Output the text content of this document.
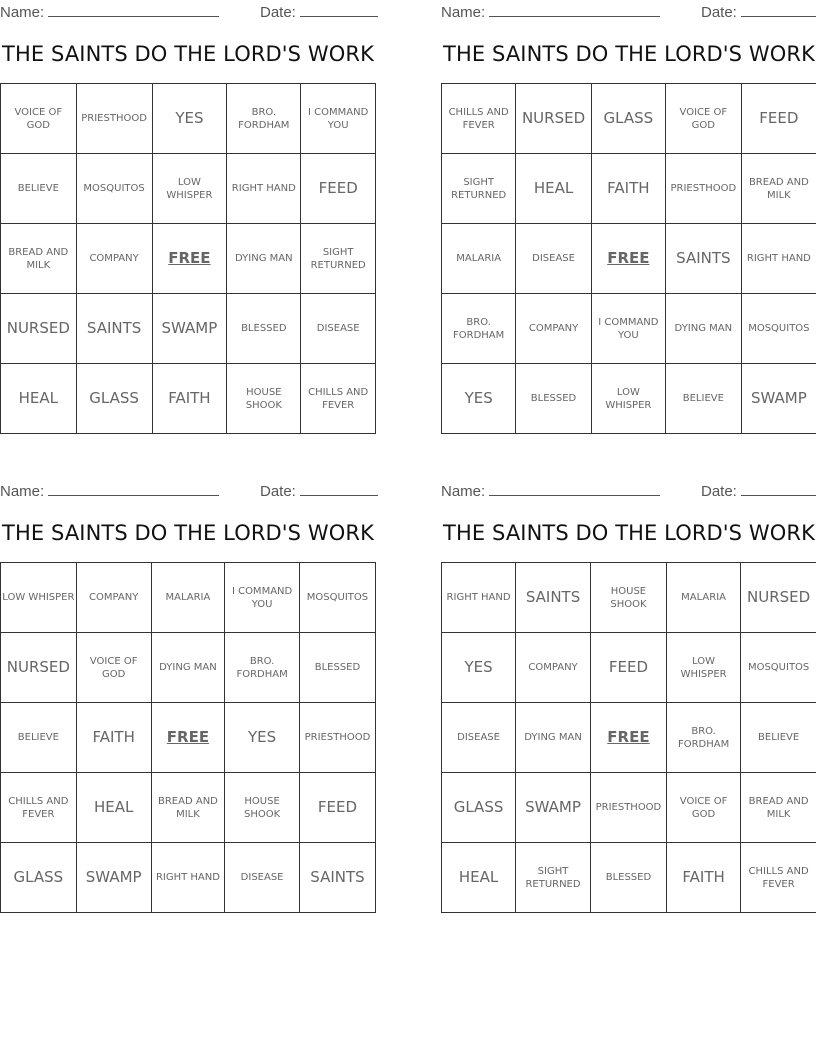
Name:	Date:
THE SAINTS DO THE LORD'S WORK
VOICE OF GOD	PRIESTHOOD	YES	BRO. FORDHAM	I COMMAND YOU
BELIEVE	MOSQUITOS	LOW WHISPER	RIGHT HAND	FEED
BREAD AND MILK	COMPANY	FREE	DYING MAN	SIGHT RETURNED
NURSED	SAINTS	SWAMP	BLESSED	DISEASE
HEAL	GLASS	FAITH	HOUSE SHOOK	CHILLS AND FEVER
Name:	Date:
THE SAINTS DO THE LORD'S WORK
CHILLS AND FEVER	NURSED	GLASS	VOICE OF GOD	FEED
SIGHT RETURNED	HEAL	FAITH	PRIESTHOOD	BREAD AND MILK
MALARIA	DISEASE	FREE	SAINTS	RIGHT HAND
BRO. FORDHAM	COMPANY	I COMMAND YOU	DYING MAN	MOSQUITOS
YES	BLESSED	LOW WHISPER	BELIEVE	SWAMP
Name:	Date:
THE SAINTS DO THE LORD'S WORK
LOW WHISPER	COMPANY	MALARIA	I COMMAND YOU	MOSQUITOS
NURSED	VOICE OF GOD	DYING MAN	BRO. FORDHAM	BLESSED
BELIEVE	FAITH	FREE	YES	PRIESTHOOD
CHILLS AND FEVER	HEAL	BREAD AND MILK	HOUSE SHOOK	FEED
GLASS	SWAMP	RIGHT HAND	DISEASE	SAINTS
Name:	Date:
THE SAINTS DO THE LORD'S WORK
RIGHT HAND	SAINTS	HOUSE SHOOK	MALARIA	NURSED
YES	COMPANY	FEED	LOW WHISPER	MOSQUITOS
DISEASE	DYING MAN	FREE	BRO. FORDHAM	BELIEVE
GLASS	SWAMP	PRIESTHOOD	VOICE OF GOD	BREAD AND MILK
HEAL	SIGHT RETURNED	BLESSED	FAITH	CHILLS AND FEVER
